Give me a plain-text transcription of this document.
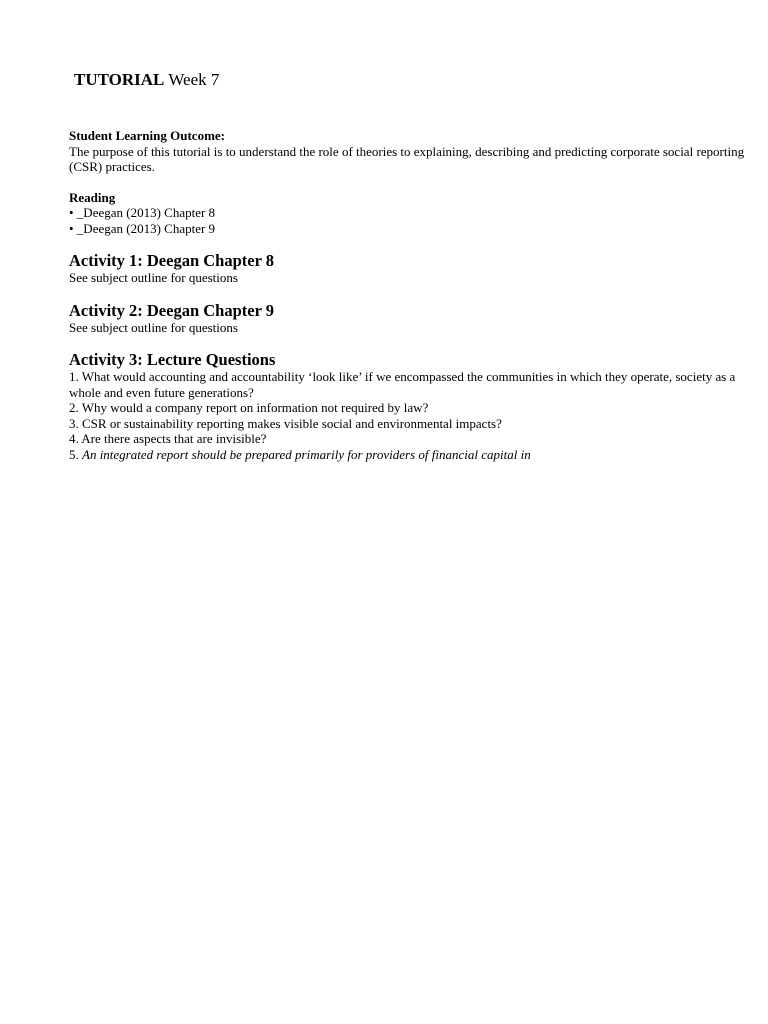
TUTORIAL Week 7
Student Learning Outcome:

The purpose of this tutorial is to understand the role of theories to explaining, describing and predicting corporate social reporting (CSR) practices.

Reading

• _Deegan (2013) Chapter 8

• _Deegan (2013) Chapter 9

Activity 1: Deegan Chapter 8

See subject outline for questions

Activity 2: Deegan Chapter 9

See subject outline for questions

Activity 3: Lecture Questions

1. What would accounting and accountability ‘look like’ if we encompassed the communities in which they operate, society as a whole and even future generations?

2. Why would a company report on information not required by law?

3. CSR or sustainability reporting makes visible social and environmental impacts?

4. Are there aspects that are invisible?

5. An integrated report should be prepared primarily for providers of financial capital in
